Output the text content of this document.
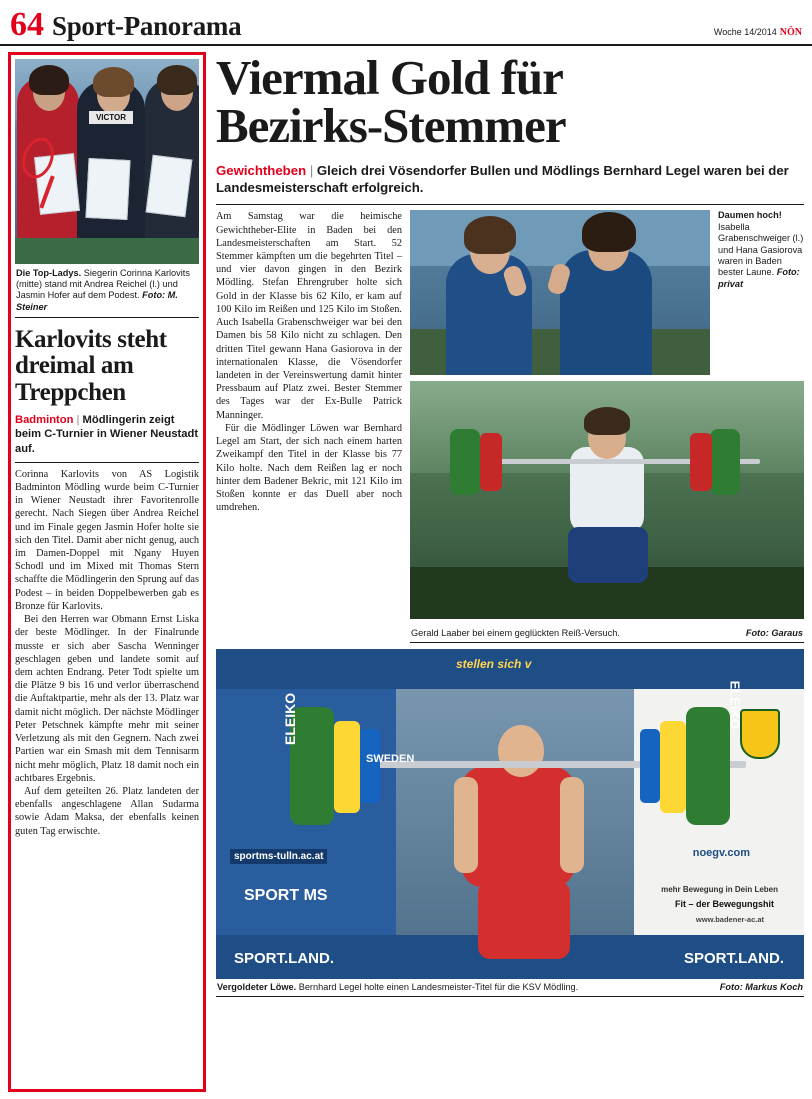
64 Sport-Panorama	Woche 14/2014 NÖN
VICTOR
Die Top-Ladys. Siegerin Corinna Karlovits (mitte) stand mit Andrea Reichel (l.) und Jasmin Hofer auf dem Podest. Foto: M. Steiner
Karlovits steht dreimal am Treppchen
Badminton | Mödlingerin zeigt beim C-Turnier in Wiener Neustadt auf.

Corinna Karlovits von AS Logistik Badminton Mödling wurde beim C-Turnier in Wiener Neustadt ihrer Favoritenrolle gerecht. Nach Siegen über Andrea Reichel und im Finale gegen Jasmin Hofer holte sie sich den Titel. Damit aber nicht genug, auch im Damen-Doppel mit Ngany Huyen Schodl und im Mixed mit Thomas Stern schaffte die Mödlingerin den Sprung auf das Podest – in beiden Doppelbewerben gab es Bronze für Karlovits.

Bei den Herren war Obmann Ernst Liska der beste Mödlinger. In der Finalrunde musste er sich aber Sascha Wenninger geschlagen geben und landete somit auf dem achten Endrang. Peter Todt spielte um die Plätze 9 bis 16 und verlor überraschend die Auftaktpartie, mehr als der 13. Platz war damit nicht möglich. Der nächste Mödlinger Peter Petschnek kämpfte mehr mit seiner Verletzung als mit den Gegnern. Nach zwei Partien war ein Smash mit dem Tennisarm nicht mehr möglich, Platz 18 damit noch ein achtbares Ergebnis.

Auf dem geteilten 26. Platz landeten der ebenfalls angeschlagene Allan Sudarma sowie Adam Maksa, der ebenfalls keinen guten Tag erwischte.

Viermal Gold für
Bezirks-Stemmer
Gewichtheben | Gleich drei Vösendorfer Bullen und Mödlings Bernhard Legel waren bei der Landesmeisterschaft erfolgreich.

Am Samstag war die heimische Gewichtheber-Elite in Baden bei den Landesmeisterschaften am Start. 52 Stemmer kämpften um die begehrten Titel – und vier davon gingen in den Bezirk Mödling. Stefan Ehrengruber holte sich Gold in der Klasse bis 62 Kilo, er kam auf 100 Kilo im Reißen und 125 Kilo im Stoßen. Auch Isabella Grabenschweiger war bei den Damen bis 58 Kilo nicht zu schlagen. Den dritten Titel gewann Hana Gasiorova in der internationalen Klasse, die Vösendorfer landeten in der Vereinswertung damit hinter Pressbaum auf Platz zwei. Bester Stemmer des Tages war der Ex-Bulle Patrick Manninger.

Für die Mödlinger Löwen war Bernhard Legel am Start, der sich nach einem harten Zweikampf den Titel in der Klasse bis 77 Kilo holte. Nach dem Reißen lag er noch hinter dem Badener Bekric, mit 121 Kilo im Stoßen konnte er das Duell aber noch umdrehen.

Daumen hoch! Isabella Grabenschweiger (l.) und Hana Gasiorova waren in Baden bester Laune. Foto: privat
Gerald Laaber bei einem geglückten Reiß-Versuch.	Foto: Garaus
stellen sich v
sportms-tulln.ac.at
SPORT MS
noegv.com
mehr Bewegung in Dein Leben
Fit – der Bewegungshit
www.badener-ac.at
SPORT.LAND.	SPORT.LAND.
ELEIKO
SWEDEN
ELEIKO
Vergoldeter Löwe. Bernhard Legel holte einen Landesmeister-Titel für die KSV Mödling.	Foto: Markus Koch
